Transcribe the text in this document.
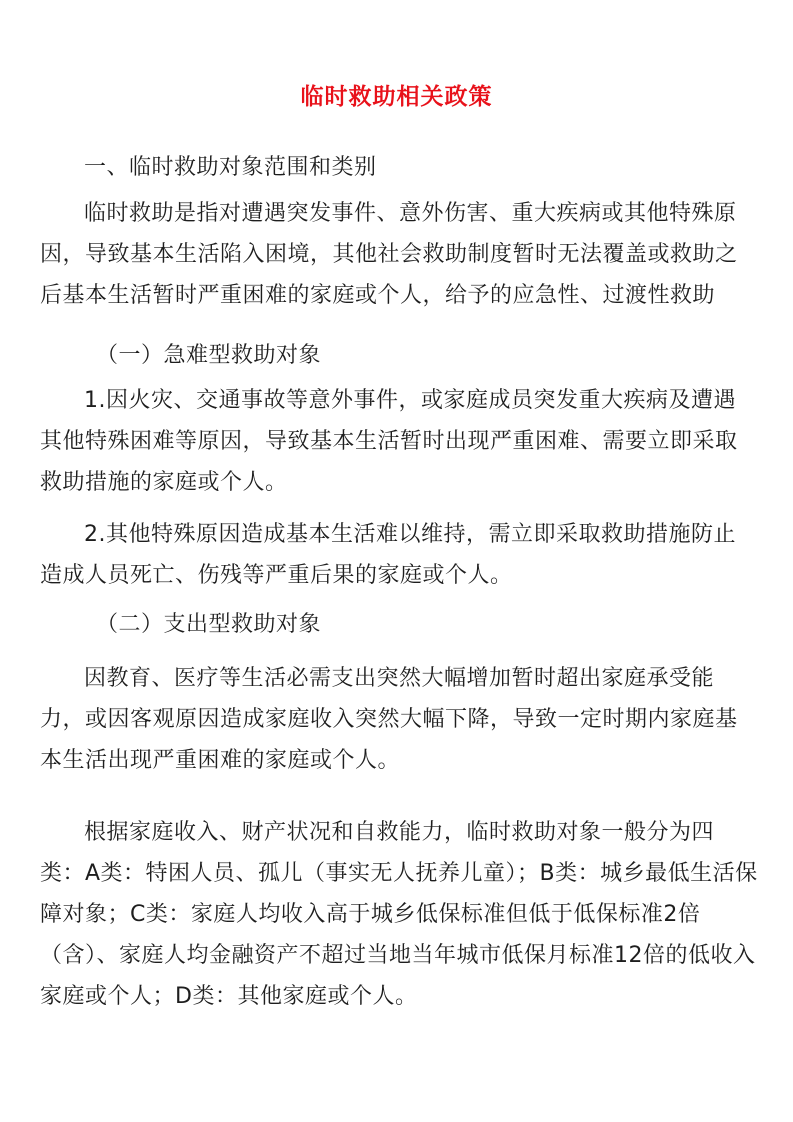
临时救助相关政策

一、临时救助对象范围和类别

临时救助是指对遭遇突发事件、意外伤害、重大疾病或其他特殊原因，导致基本生活陷入困境，其他社会救助制度暂时无法覆盖或救助之后基本生活暂时严重困难的家庭或个人，给予的应急性、过渡性救助

（一）急难型救助对象

1.因火灾、交通事故等意外事件，或家庭成员突发重大疾病及遭遇其他特殊困难等原因，导致基本生活暂时出现严重困难、需要立即采取救助措施的家庭或个人。

2.其他特殊原因造成基本生活难以维持，需立即采取救助措施防止造成人员死亡、伤残等严重后果的家庭或个人。

（二）支出型救助对象

因教育、医疗等生活必需支出突然大幅增加暂时超出家庭承受能力，或因客观原因造成家庭收入突然大幅下降，导致一定时期内家庭基本生活出现严重困难的家庭或个人。

根据家庭收入、财产状况和自救能力，临时救助对象一般分为四类：A类：特困人员、孤儿（事实无人抚养儿童）；B类：城乡最低生活保障对象；C类：家庭人均收入高于城乡低保标准但低于低保标准2倍（含）、家庭人均金融资产不超过当地当年城市低保月标准12倍的低收入家庭或个人；D类：其他家庭或个人。
